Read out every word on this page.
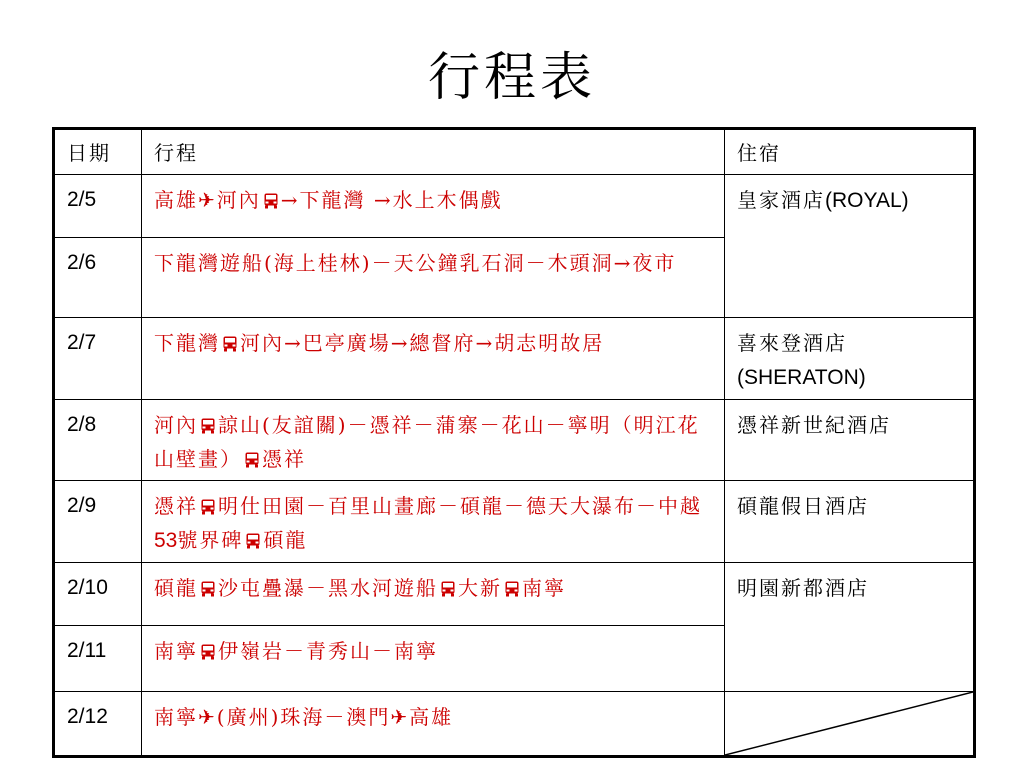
行程表
日期	行程	住宿
2/5	高雄✈河內 →下龍灣 →水上木偶戲	皇家酒店(ROYAL)
2/6	下龍灣遊船(海上桂林)－天公鐘乳石洞－木頭洞→夜市	
2/7	下龍灣 河內→巴亭廣場→總督府→胡志明故居	喜來登酒店(SHERATON)
2/8	河內 諒山(友誼關)－憑祥－蒲寨－花山－寧明（明江花山壁畫） 憑祥	憑祥新世紀酒店
2/9	憑祥 明仕田園－百里山畫廊－碩龍－德天大瀑布－中越53號界碑 碩龍	碩龍假日酒店
2/10	碩龍 沙屯疊瀑－黑水河遊船 大新 南寧	明園新都酒店
2/11	南寧 伊嶺岩－青秀山－南寧	
2/12	南寧✈(廣州)珠海－澳門✈高雄	
